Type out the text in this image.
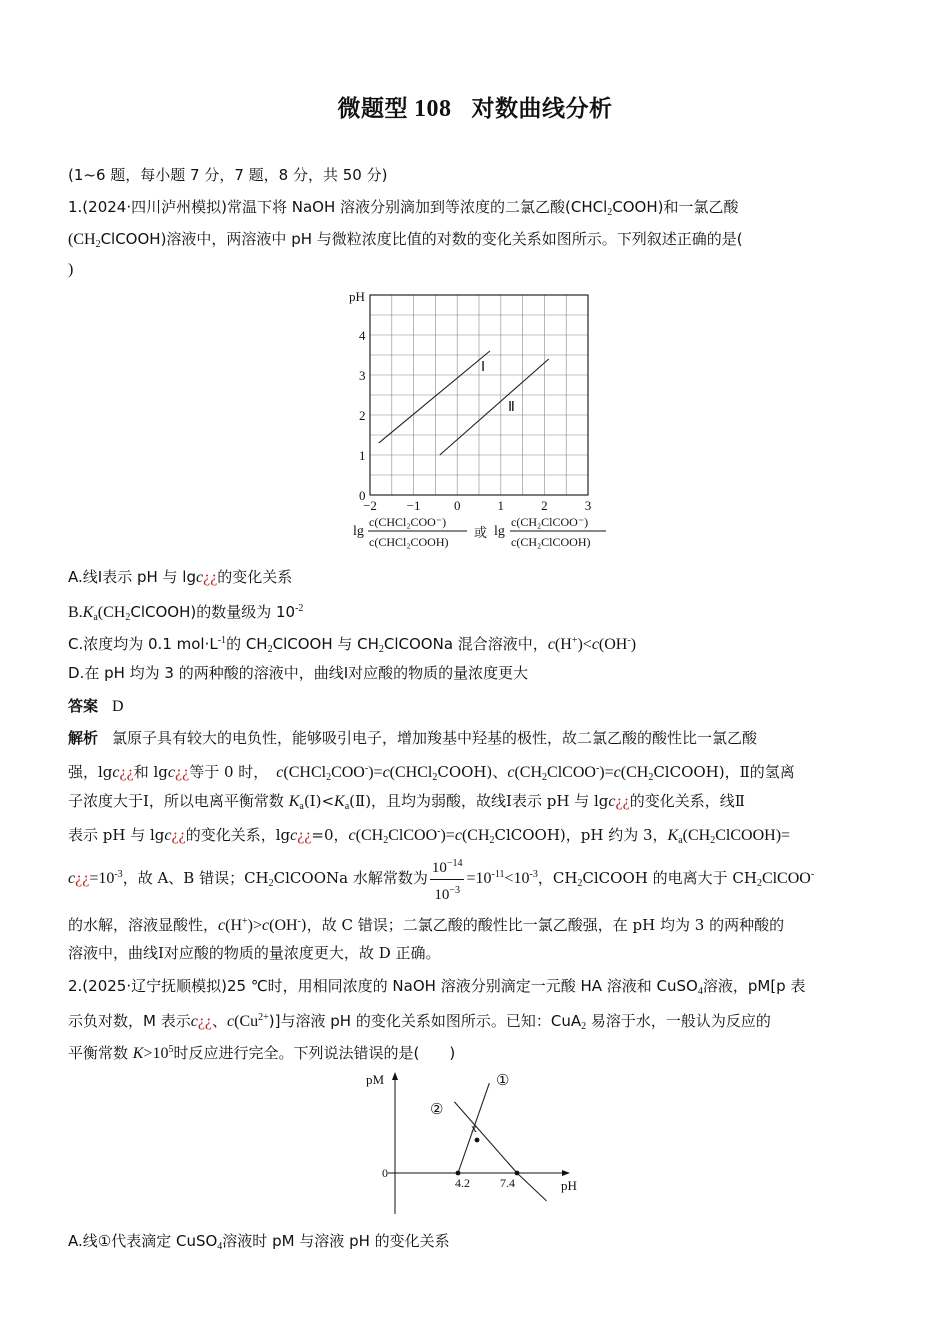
微题型 108 对数曲线分析
(1~6 题，每小题 7 分，7 题，8 分，共 50 分)
1.(2024·四川泸州模拟)常温下将 NaOH 溶液分别滴加到等浓度的二氯乙酸(CHCl$_2$COOH)和一氯乙酸
$(CH_2ClCOOH)$溶液中，两溶液中 pH 与微粒浓度比值的对数的变化关系如图所示。下列叙述正确的是(
)
0
1
2
3
4
−2 −1	0	1	2	3
pH
Ⅰ
Ⅱ
lg
c(CHCl₂COO⁻)
c(CHCl₂COOH)
或 lg
c(CH₂ClCOO⁻)
c(CH₂ClCOOH)
A.线Ⅰ表示 pH 与 lgc¿¿的变化关系
$B.K_a(CH_2ClCOOH)$的数量级为 $10^{-2}$
C.浓度均为 0.1 $mol\cdot L^{-1}$的 $CH_2ClCOOH$ 与 $CH_2ClCOONa$ 混合溶液中，c(H+)<c(OH-)
D.在 pH 均为 3 的两种酸的溶液中，曲线Ⅰ对应酸的物质的量浓度更大
答案 D
解析 氯原子具有较大的电负性，能够吸引电子，增加羧基中羟基的极性，故二氯乙酸的酸性比一氯乙酸
强，lgc¿¿和 lgc¿¿等于 0 时， c(CHCl$_2$COO-)=c(CHCl$_2$COOH)、$c(CH_2ClCOO^-)=c(CH_2ClCOOH)$，Ⅱ的氢离
子浓度大于Ⅰ，所以电离平衡常数 $K_a(Ⅰ)<K_a(Ⅱ)$，且均为弱酸，故线Ⅰ表示 pH 与 lgc¿¿的变化关系，线Ⅱ
表示 pH 与 lgc¿¿的变化关系，lgc¿¿=0，$c(CH_2ClCOO^-)=c(CH_2ClCOOH)$，pH 约为 3，$K_a(CH_2ClCOOH)=$
$c¿¿=10^{-3}$，故 A、B 错误；$CH_2ClCOONa$ 水解常数为 $\frac{10^{-14}}{10^{-3}} =10^{-11}<10^{-3}$，$CH_2ClCOOH$ 的电离大于 $CH_2ClCOO^-$
的水解，溶液显酸性，c(H+)>c(OH-)，故 C 错误；二氯乙酸的酸性比一氯乙酸强，在 pH 均为 3 的两种酸的
溶液中，曲线Ⅰ对应酸的物质的量浓度更大，故 D 正确。
2.(2025·辽宁抚顺模拟)25 ℃时，用相同浓度的 NaOH 溶液分别滴定一元酸 HA 溶液和 CuSO$_4$溶液，pM[p 表
示负对数，M 表示c¿¿、$c(Cu^{2+})$]与溶液 pH 的变化关系如图所示。已知：CuA$_2$ 易溶于水，一般认为反应的
平衡常数 $K>10^5$时反应进行完全。下列说法错误的是(　　)
pM
pH
0
①
②
x
4.2	7.4
A.线①代表滴定 CuSO$_4$溶液时 pM 与溶液 pH 的变化关系
